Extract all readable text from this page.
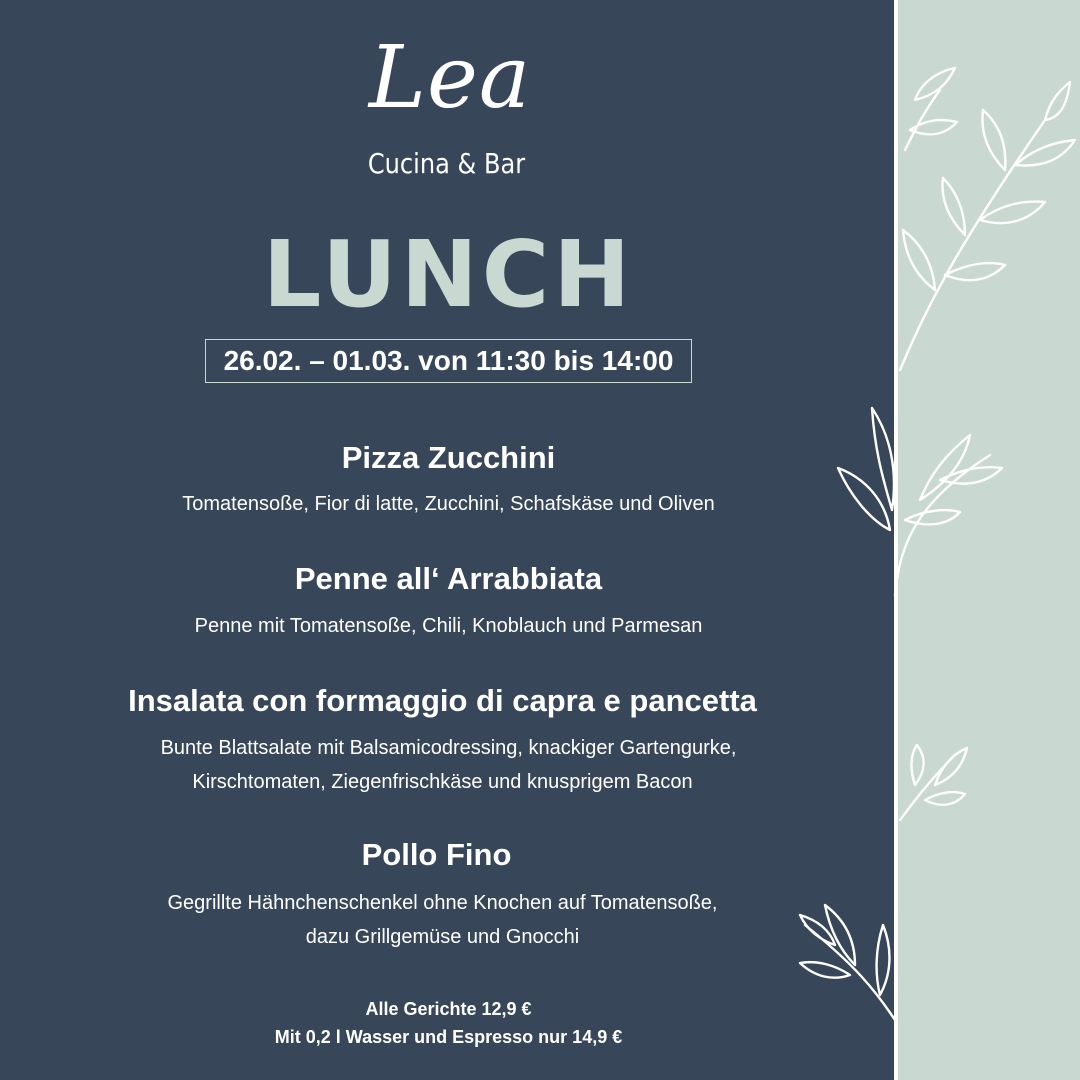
Lea
Cucina & Bar
LUNCH
26.02. – 01.03. von 11:30 bis 14:00
Pizza Zucchini
Tomatensoße, Fior di latte, Zucchini, Schafskäse und Oliven
Penne all‘ Arrabbiata
Penne mit Tomatensoße, Chili, Knoblauch und Parmesan
Insalata con formaggio di capra e pancetta
Bunte Blattsalate mit Balsamicodressing, knackiger Gartengurke,
Kirschtomaten, Ziegenfrischkäse und knusprigem Bacon
Pollo Fino
Gegrillte Hähnchenschenkel ohne Knochen auf Tomatensoße,
dazu Grillgemüse und Gnocchi
Alle Gerichte 12,9 €
Mit 0,2 l Wasser und Espresso nur 14,9 €
